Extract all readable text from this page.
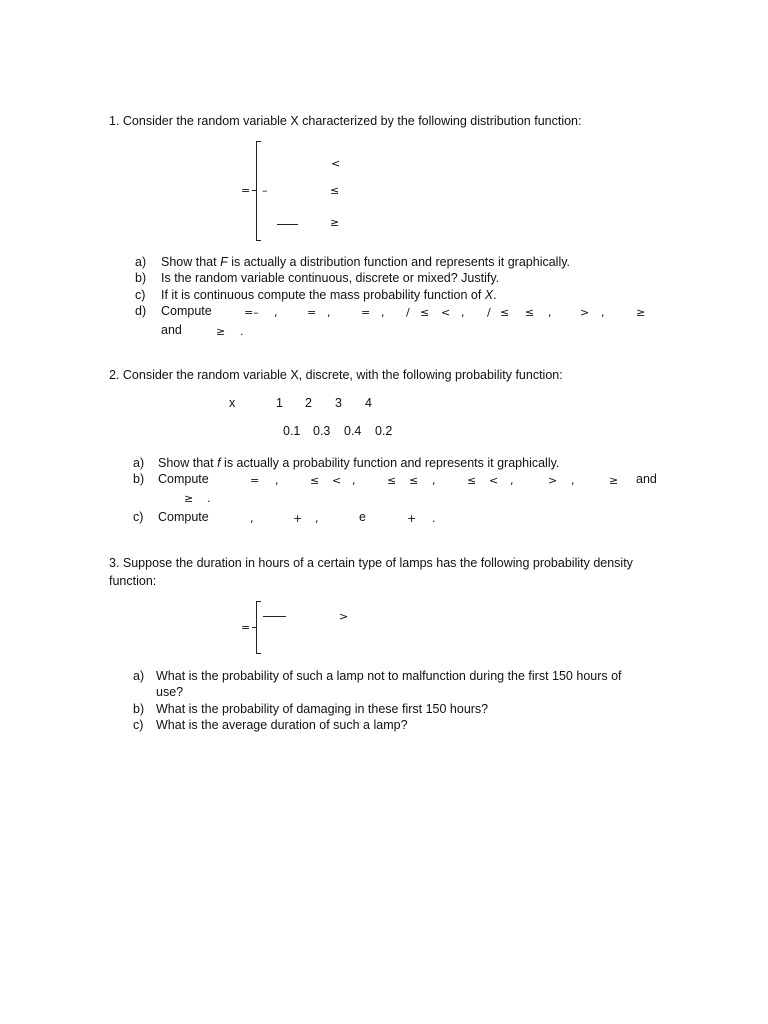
1. Consider the random variable X characterized by the following distribution function:
= –
<
≤
≥
a) Show that F is actually a distribution function and represents it graphically.
b) Is the random variable continuous, discrete or mixed? Justify.
c) If it is continuous compute the mass probability function of X.
d) Compute	=– ,	= ,	= , / ≤ < , / ≤ ≤ ,	> ,	≥
and	≥ .
2. Consider the random variable X, discrete, with the following probability function:
x	1 2 3 4
0.1 0.3 0.4 0.2
a) Show that f is actually a probability function and represents it graphically.
b) Compute	= ,	≤ < ,	≤ ≤ ,	≤ < ,	> ,	≥ and
≥ .
c) Compute	,	+ ,	e	+ .
3. Suppose the duration in hours of a certain type of lamps has the following probability density
function:
=
>
a) What is the probability of such a lamp not to malfunction during the first 150 hours of
use?
b) What is the probability of damaging in these first 150 hours?
c) What is the average duration of such a lamp?
